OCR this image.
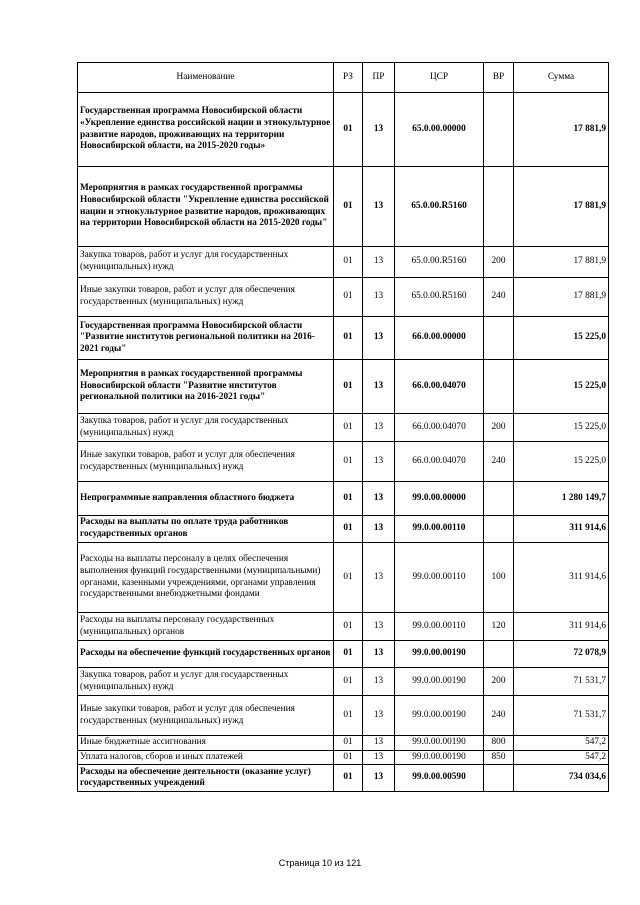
Наименование	РЗ	ПР	ЦСР	ВР	Сумма
Государственная программа Новосибирской области «Укрепление единства российской нации и этнокультурное развитие народов, проживающих на территории Новосибирской области, на 2015-2020 годы»	01	13	65.0.00.00000		17 881,9
Мероприятия в рамках государственной программы Новосибирской области "Укрепление единства российской нации и этнокультурное развитие народов, проживающих на территории Новосибирской области на 2015-2020 годы"	01	13	65.0.00.R5160		17 881,9
Закупка товаров, работ и услуг для государственных (муниципальных) нужд	01	13	65.0.00.R5160	200	17 881,9
Иные закупки товаров, работ и услуг для обеспечения государственных (муниципальных) нужд	01	13	65.0.00.R5160	240	17 881,9
Государственная программа Новосибирской области "Развитие институтов региональной политики на 2016-2021 годы"	01	13	66.0.00.00000		15 225,0
Мероприятия в рамках государственной программы Новосибирской области "Развитие институтов региональной политики на 2016-2021 годы"	01	13	66.0.00.04070		15 225,0
Закупка товаров, работ и услуг для государственных (муниципальных) нужд	01	13	66.0.00.04070	200	15 225,0
Иные закупки товаров, работ и услуг для обеспечения государственных (муниципальных) нужд	01	13	66.0.00.04070	240	15 225,0
Непрограммные направления областного бюджета	01	13	99.0.00.00000		1 280 149,7
Расходы на выплаты по оплате труда работников государственных органов	01	13	99.0.00.00110		311 914,6
Расходы на выплаты персоналу в целях обеспечения выполнения функций государственными (муниципальными) органами, казенными учреждениями, органами управления государственными внебюджетными фондами	01	13	99.0.00.00110	100	311 914,6
Расходы на выплаты персоналу государственных (муниципальных) органов	01	13	99.0.00.00110	120	311 914,6
Расходы на обеспечение функций государственных органов	01	13	99.0.00.00190		72 078,9
Закупка товаров, работ и услуг для государственных (муниципальных) нужд	01	13	99.0.00.00190	200	71 531,7
Иные закупки товаров, работ и услуг для обеспечения государственных (муниципальных) нужд	01	13	99.0.00.00190	240	71 531,7
Иные бюджетные ассигнования	01	13	99.0.00.00190	800	547,2
Уплата налогов, сборов и иных платежей	01	13	99.0.00.00190	850	547,2
Расходы на обеспечение деятельности (оказание услуг) государственных учреждений	01	13	99.0.00.00590		734 034,6
Страница 10 из 121
